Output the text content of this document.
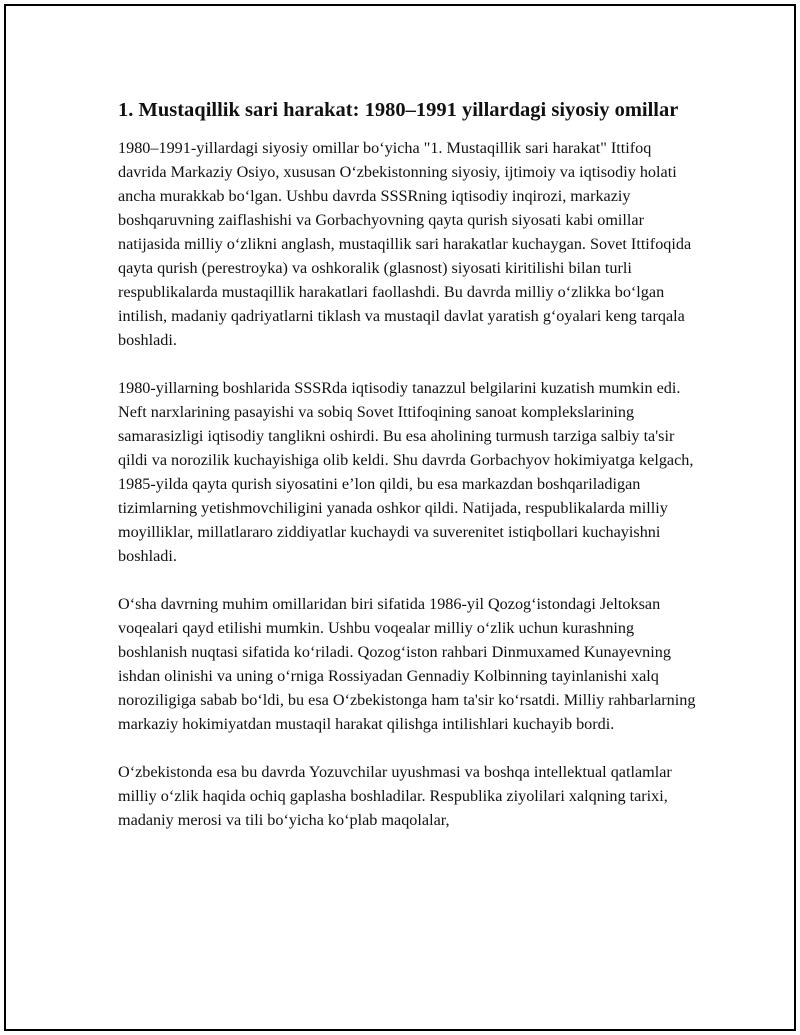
1. Mustaqillik sari harakat: 1980–1991 yillardagi siyosiy omillar

1980–1991-yillardagi siyosiy omillar bo‘yicha "1. Mustaqillik sari harakat" Ittifoq davrida Markaziy Osiyo, xususan O‘zbekistonning siyosiy, ijtimoiy va iqtisodiy holati ancha murakkab bo‘lgan. Ushbu davrda SSSRning iqtisodiy inqirozi, markaziy boshqaruvning zaiflashishi va Gorbachyovning qayta qurish siyosati kabi omillar natijasida milliy o‘zlikni anglash, mustaqillik sari harakatlar kuchaygan. Sovet Ittifoqida qayta qurish (perestroyka) va oshkoralik (glasnost) siyosati kiritilishi bilan turli respublikalarda mustaqillik harakatlari faollashdi. Bu davrda milliy o‘zlikka bo‘lgan intilish, madaniy qadriyatlarni tiklash va mustaqil davlat yaratish g‘oyalari keng tarqala boshladi.

1980-yillarning boshlarida SSSRda iqtisodiy tanazzul belgilarini kuzatish mumkin edi. Neft narxlarining pasayishi va sobiq Sovet Ittifoqining sanoat komplekslarining samarasizligi iqtisodiy tanglikni oshirdi. Bu esa aholining turmush tarziga salbiy ta'sir qildi va norozilik kuchayishiga olib keldi. Shu davrda Gorbachyov hokimiyatga kelgach, 1985-yilda qayta qurish siyosatini e’lon qildi, bu esa markazdan boshqariladigan tizimlarning yetishmovchiligini yanada oshkor qildi. Natijada, respublikalarda milliy moyilliklar, millatlararo ziddiyatlar kuchaydi va suverenitet istiqbollari kuchayishni boshladi.

O‘sha davrning muhim omillaridan biri sifatida 1986-yil Qozog‘istondagi Jeltoksan voqealari qayd etilishi mumkin. Ushbu voqealar milliy o‘zlik uchun kurashning boshlanish nuqtasi sifatida ko‘riladi. Qozog‘iston rahbari Dinmuxamed Kunayevning ishdan olinishi va uning o‘rniga Rossiyadan Gennadiy Kolbinning tayinlanishi xalq noroziligiga sabab bo‘ldi, bu esa O‘zbekistonga ham ta'sir ko‘rsatdi. Milliy rahbarlarning markaziy hokimiyatdan mustaqil harakat qilishga intilishlari kuchayib bordi.

O‘zbekistonda esa bu davrda Yozuvchilar uyushmasi va boshqa intellektual qatlamlar milliy o‘zlik haqida ochiq gaplasha boshladilar. Respublika ziyolilari xalqning tarixi, madaniy merosi va tili bo‘yicha ko‘plab maqolalar,
